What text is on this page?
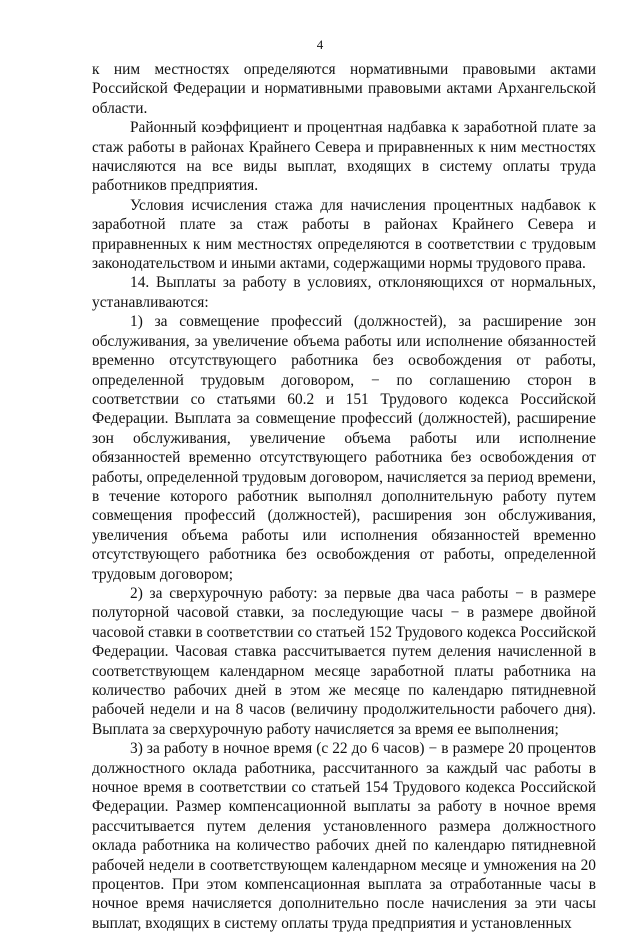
4

к ним местностях определяются нормативными правовыми актами Российской Федерации и нормативными правовыми актами Архангельской области.

Районный коэффициент и процентная надбавка к заработной плате за стаж работы в районах Крайнего Севера и приравненных к ним местностях начисляются на все виды выплат, входящих в систему оплаты труда работников предприятия.

Условия исчисления стажа для начисления процентных надбавок к заработной плате за стаж работы в районах Крайнего Севера и приравненных к ним местностях определяются в соответствии с трудовым законодательством и иными актами, содержащими нормы трудового права.

14. Выплаты за работу в условиях, отклоняющихся от нормальных, устанавливаются:

1) за совмещение профессий (должностей), за расширение зон обслуживания, за увеличение объема работы или исполнение обязанностей временно отсутствующего работника без освобождения от работы, определенной трудовым договором, − по соглашению сторон в соответствии со статьями 60.2 и 151 Трудового кодекса Российской Федерации. Выплата за совмещение профессий (должностей), расширение зон обслуживания, увеличение объема работы или исполнение обязанностей временно отсутствующего работника без освобождения от работы, определенной трудовым договором, начисляется за период времени, в течение которого работник выполнял дополнительную работу путем совмещения профессий (должностей), расширения зон обслуживания, увеличения объема работы или исполнения обязанностей временно отсутствующего работника без освобождения от работы, определенной трудовым договором;

2) за сверхурочную работу: за первые два часа работы − в размере полуторной часовой ставки, за последующие часы − в размере двойной часовой ставки в соответствии со статьей 152 Трудового кодекса Российской Федерации. Часовая ставка рассчитывается путем деления начисленной в соответствующем календарном месяце заработной платы работника на количество рабочих дней в этом же месяце по календарю пятидневной рабочей недели и на 8 часов (величину продолжительности рабочего дня). Выплата за сверхурочную работу начисляется за время ее выполнения;

3) за работу в ночное время (с 22 до 6 часов) − в размере 20 процентов должностного оклада работника, рассчитанного за каждый час работы в ночное время в соответствии со статьей 154 Трудового кодекса Российской Федерации. Размер компенсационной выплаты за работу в ночное время рассчитывается путем деления установленного размера должностного оклада работника на количество рабочих дней по календарю пятидневной рабочей недели в соответствующем календарном месяце и умножения на 20 процентов. При этом компенсационная выплата за отработанные часы в ночное время начисляется дополнительно после начисления за эти часы выплат, входящих в систему оплаты труда предприятия и установленных
